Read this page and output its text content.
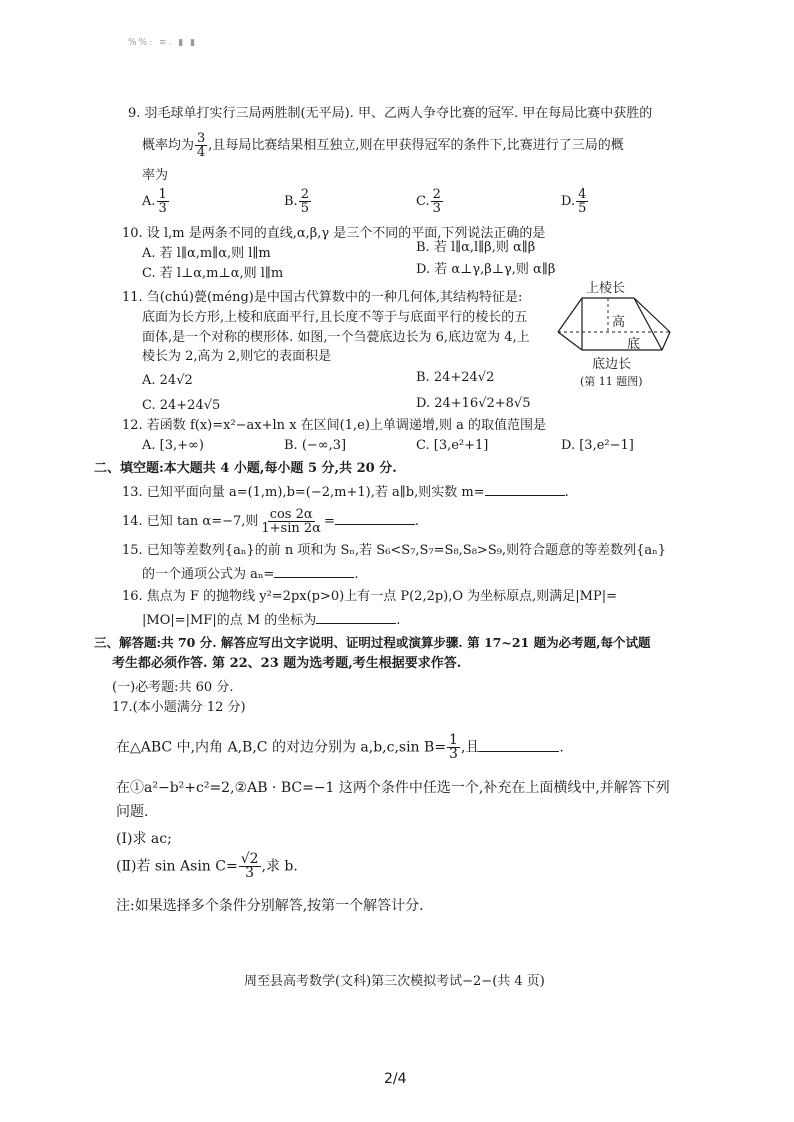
%%: ≡. ▮ ▮
9. 羽毛球单打实行三局两胜制(无平局). 甲、乙两人争夺比赛的冠军. 甲在每局比赛中获胜的
概率均为 $\frac{3}{4}$ ,且每局比赛结果相互独立,则在甲获得冠军的条件下,比赛进行了三局的概
率为
A. $\frac{1}{3}$	B. $\frac{2}{5}$	C. $\frac{2}{3}$	D. $\frac{4}{5}$
10. 设 l,m 是两条不同的直线,α,β,γ 是三个不同的平面,下列说法正确的是
A. 若 l∥α,m∥α,则 l∥m	B. 若 l∥α,l∥β,则 α∥β
C. 若 l⊥α,m⊥α,则 l∥m	D. 若 α⊥γ,β⊥γ,则 α∥β
11. 刍(chú)甍(méng)是中国古代算数中的一种几何体,其结构特征是:
底面为长方形,上棱和底面平行,且长度不等于与底面平行的棱长的五
面体,是一个对称的楔形体. 如图,一个刍甍底边长为 6,底边宽为 4,上
棱长为 2,高为 2,则它的表面积是
A. 24√2	B. 24+24√2
C. 24+24√5	D. 24+16√2+8√5
上棱长
高
底
底边长
(第 11 题图)
12. 若函数 f(x)=x²−ax+ln x 在区间(1,e)上单调递增,则 a 的取值范围是
A. [3,+∞)	B. (−∞,3]	C. [3,e²+1]	D. [3,e²−1]
二、填空题:本大题共 4 小题,每小题 5 分,共 20 分.
13. 已知平面向量 a=(1,m),b=(−2,m+1),若 a∥b,则实数 m=	.
14. 已知 tan α=−7,则 $\frac{\cos 2\alpha}{1+\sin 2\alpha}$ =	.
15. 已知等差数列{aₙ}的前 n 项和为 Sₙ,若 S₆<S₇,S₇=S₈,S₈>S₉,则符合题意的等差数列{aₙ}
的一个通项公式为 aₙ=	.
16. 焦点为 F 的抛物线 y²=2px(p>0)上有一点 P(2,2p),O 为坐标原点,则满足|MP|=
|MO|=|MF|的点 M 的坐标为	.
三、解答题:共 70 分. 解答应写出文字说明、证明过程或演算步骤. 第 17~21 题为必考题,每个试题
考生都必须作答. 第 22、23 题为选考题,考生根据要求作答.
(一)必考题:共 60 分.
17.(本小题满分 12 分)
在△ABC 中,内角 A,B,C 的对边分别为 a,b,c,sin $B= \frac{1}{3}$ ,且	.
在①a²−b²+c²=2,②AB · BC=−1 这两个条件中任选一个,补充在上面横线中,并解答下列
问题.
(Ⅰ)求 ac;
(Ⅱ)若 sin Asin $C= \frac{√2}{3}$ ,求 b.
注:如果选择多个条件分别解答,按第一个解答计分.
周至县高考数学(文科)第三次模拟考试−2−(共 4 页)
2/4
